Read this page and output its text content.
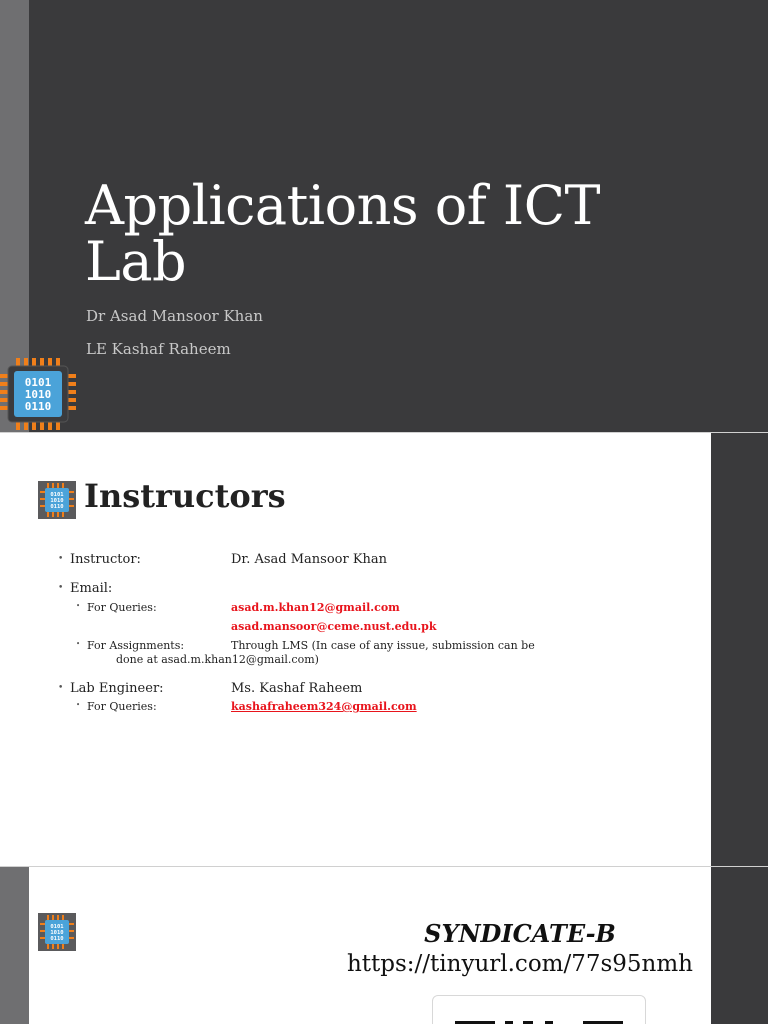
Applications of ICT
Lab
Dr Asad Mansoor Khan
LE Kashaf Raheem
0101
1010
0110
0101
1010
0110 Instructors
• Instructor:	Dr. Asad Mansoor Khan
• Email:
• For Queries:	asad.m.khan12@gmail.com
asad.mansoor@ceme.nust.edu.pk
• For Assignments:	Through LMS (In case of any issue, submission can be
done at asad.m.khan12@gmail.com)
• Lab Engineer:	Ms. Kashaf Raheem
• For Queries:	kashafraheem324@gmail.com
0101
1010
0110	SYNDICATE-B
https://tinyurl.com/77s95nmh
